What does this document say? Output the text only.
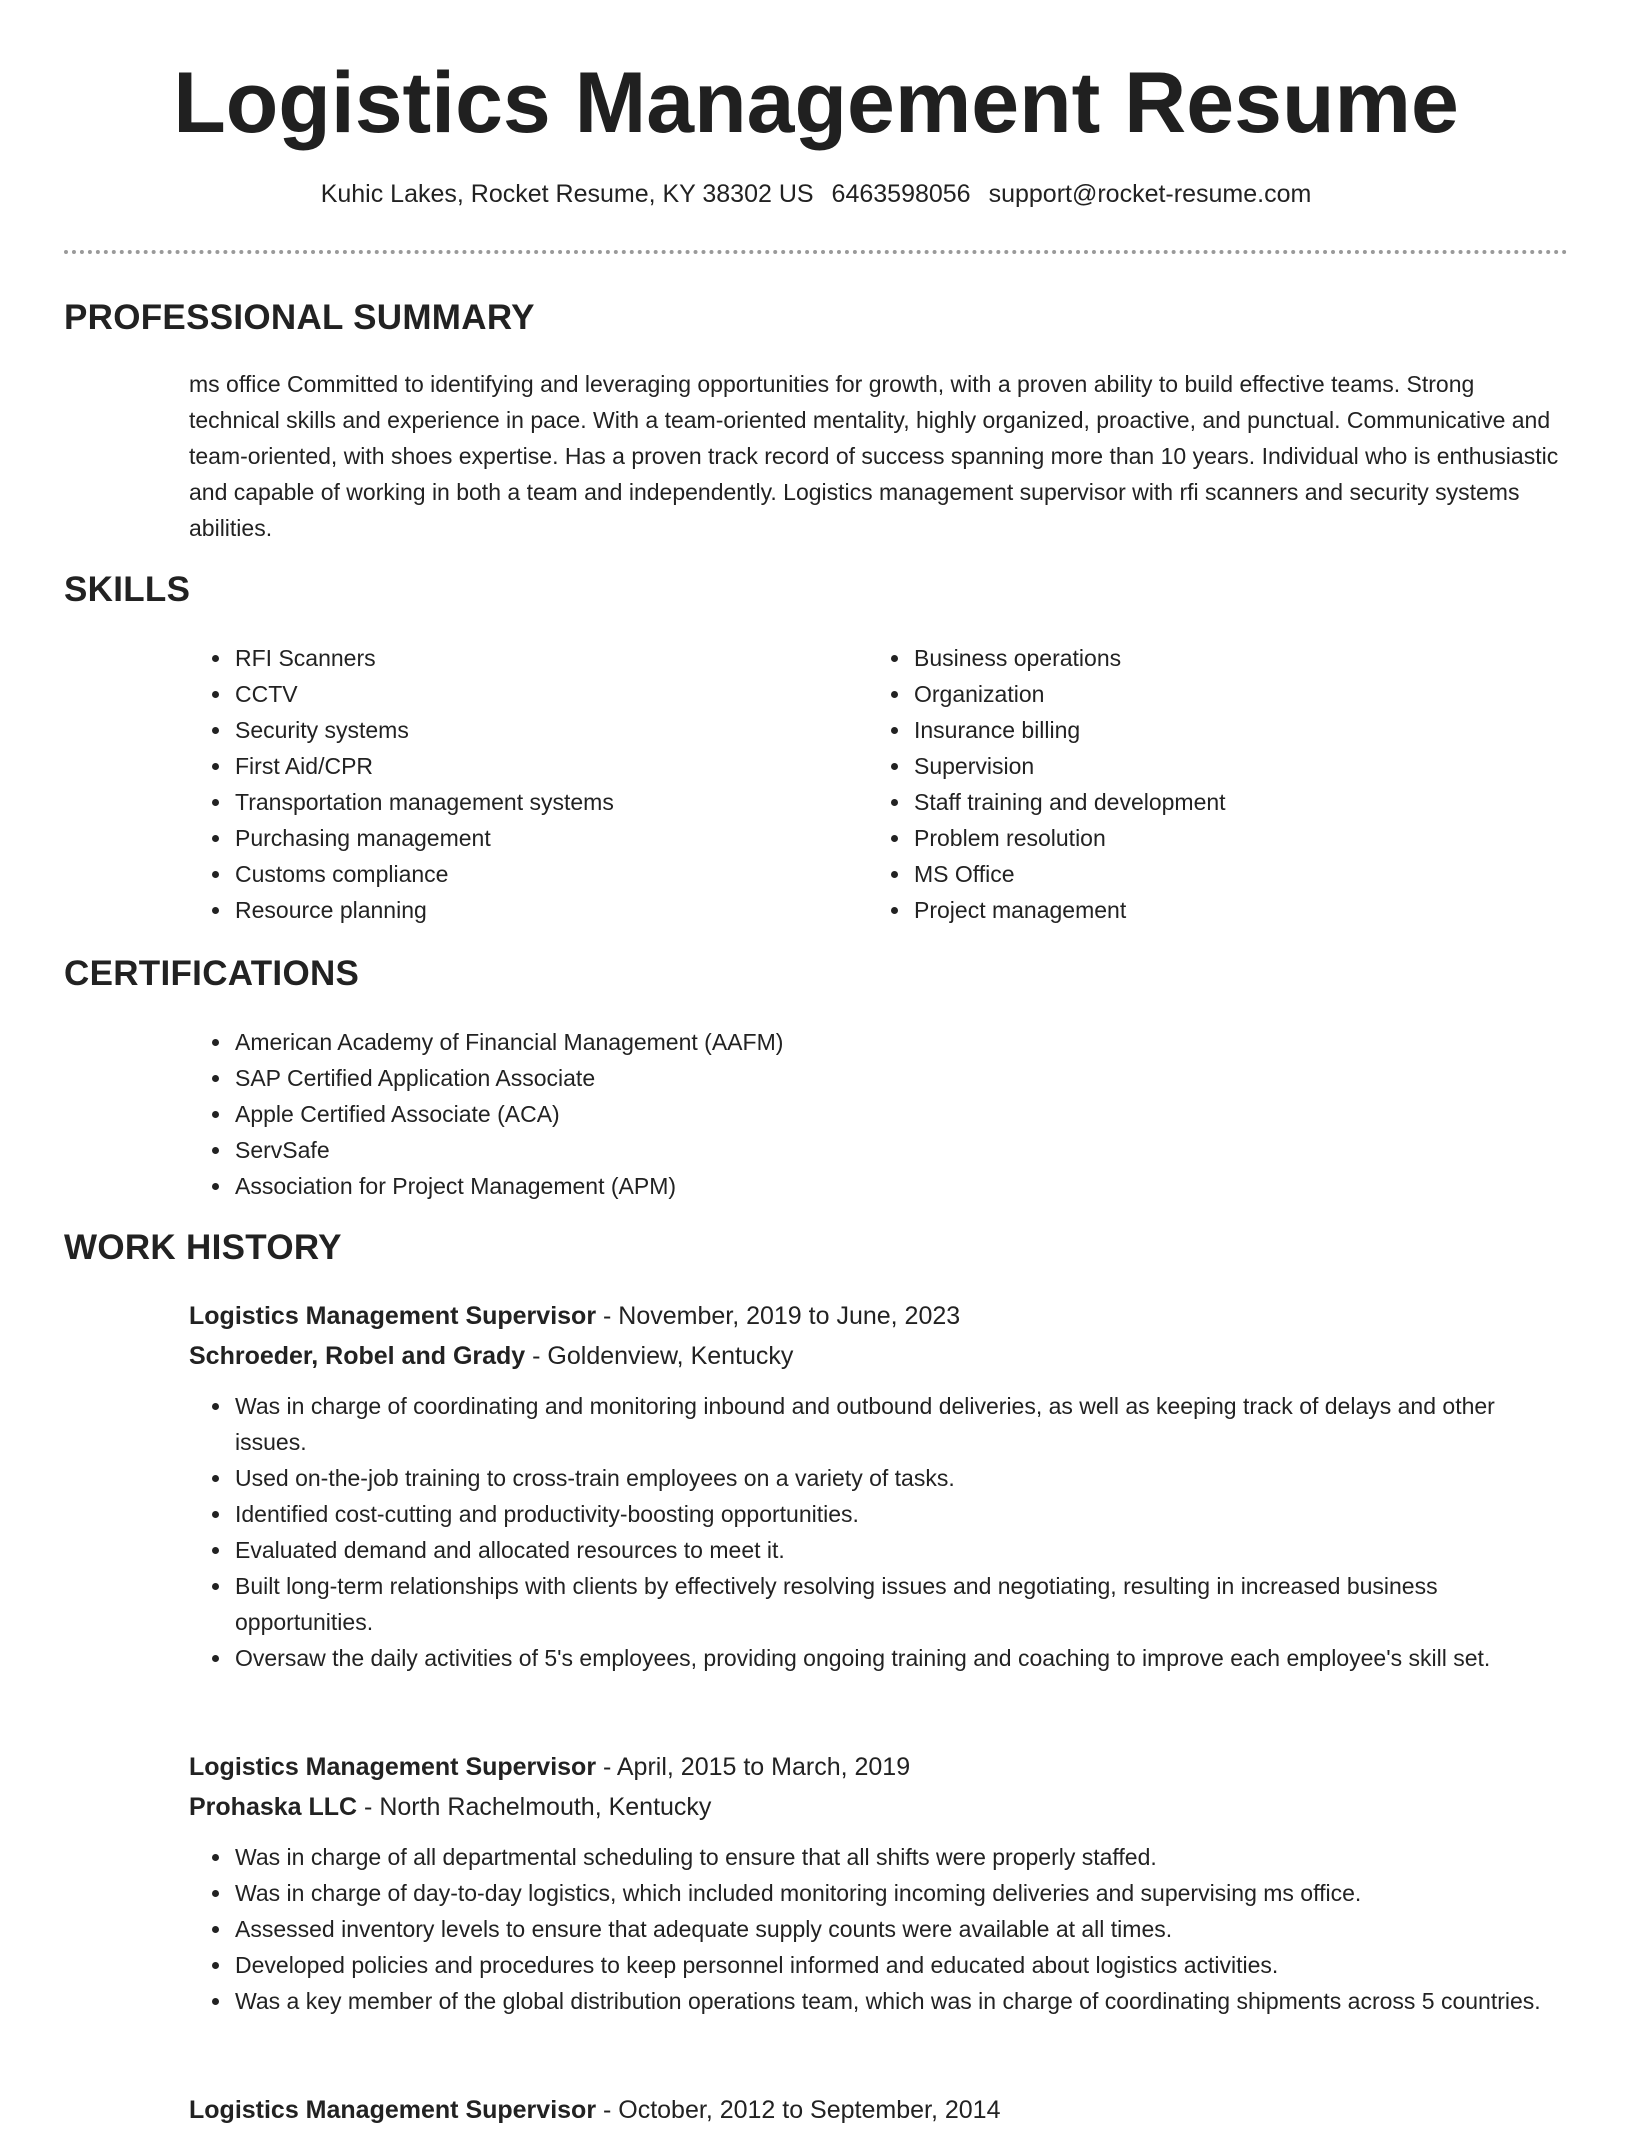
Logistics Management Resume
Kuhic Lakes, Rocket Resume, KY 38302 US 6463598056 support@rocket-resume.com
PROFESSIONAL SUMMARY

ms office Committed to identifying and leveraging opportunities for growth, with a proven ability to build effective teams. Strong technical skills and experience in pace. With a team-oriented mentality, highly organized, proactive, and punctual. Communicative and team-oriented, with shoes expertise. Has a proven track record of success spanning more than 10 years. Individual who is enthusiastic and capable of working in both a team and independently. Logistics management supervisor with rfi scanners and security systems abilities.

SKILLS
• RFI Scanners
• CCTV
• Security systems
• First Aid/CPR
• Transportation management systems
• Purchasing management
• Customs compliance
• Resource planning
• Business operations
• Organization
• Insurance billing
• Supervision
• Staff training and development
• Problem resolution
• MS Office
• Project management
CERTIFICATIONS
• American Academy of Financial Management (AAFM)
• SAP Certified Application Associate
• Apple Certified Associate (ACA)
• ServSafe
• Association for Project Management (APM)
WORK HISTORY

Logistics Management Supervisor - November, 2019 to June, 2023

Schroeder, Robel and Grady - Goldenview, Kentucky

• Was in charge of coordinating and monitoring inbound and outbound deliveries, as well as keeping track of delays and other issues.
• Used on-the-job training to cross-train employees on a variety of tasks.
• Identified cost-cutting and productivity-boosting opportunities.
• Evaluated demand and allocated resources to meet it.
• Built long-term relationships with clients by effectively resolving issues and negotiating, resulting in increased business opportunities.
• Oversaw the daily activities of 5's employees, providing ongoing training and coaching to improve each employee's skill set.

Logistics Management Supervisor - April, 2015 to March, 2019

Prohaska LLC - North Rachelmouth, Kentucky

• Was in charge of all departmental scheduling to ensure that all shifts were properly staffed.
• Was in charge of day-to-day logistics, which included monitoring incoming deliveries and supervising ms office.
• Assessed inventory levels to ensure that adequate supply counts were available at all times.
• Developed policies and procedures to keep personnel informed and educated about logistics activities.
• Was a key member of the global distribution operations team, which was in charge of coordinating shipments across 5 countries.

Logistics Management Supervisor - October, 2012 to September, 2014
